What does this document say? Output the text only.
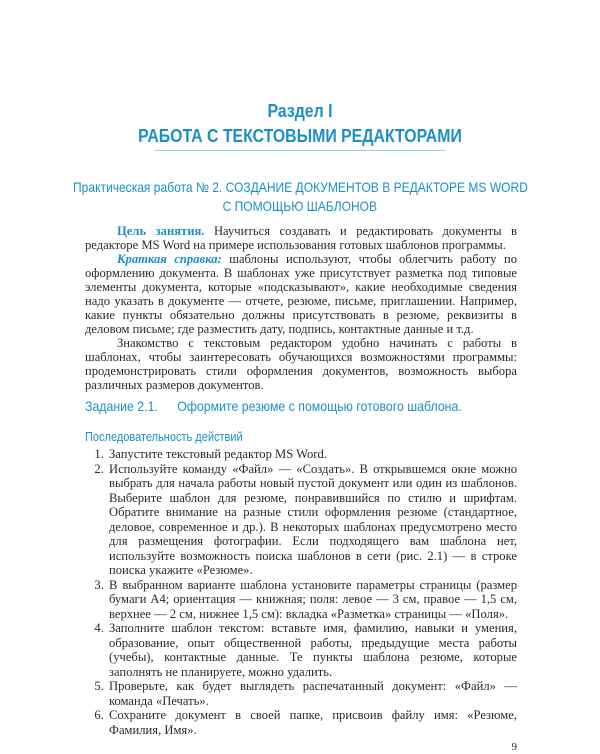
Раздел I
РАБОТА С ТЕКСТОВЫМИ РЕДАКТОРАМИ
Практическая работа № 2. СОЗДАНИЕ ДОКУМЕНТОВ В РЕДАКТОРЕ MS WORD
С ПОМОЩЬЮ ШАБЛОНОВ

Цель занятия. Научиться создавать и редактировать документы в редакторе MS Word на примере использования готовых шаблонов программы.

Краткая справка: шаблоны используют, чтобы облегчить работу по оформлению документа. В шаблонах уже присутствует разметка под типовые элементы документа, которые «подсказывают», какие необходимые сведения надо указать в документе — отчете, резюме, письме, приглашении. Например, какие пункты обязательно должны присутствовать в резюме, реквизиты в деловом письме; где разместить дату, подпись, контактные данные и т.д.

Знакомство с текстовым редактором удобно начинать с работы в шаблонах, чтобы заинтересовать обучающихся возможностями программы: продемонстрировать стили оформления документов, возможность выбора различных размеров документов.

Задание 2.1. Оформите резюме с помощью готового шаблона.
Последовательность действий
1. Запустите текстовый редактор MS Word.
2. Используйте команду «Файл» — «Создать». В открывшемся окне можно выбрать для начала работы новый пустой документ или один из шаблонов. Выберите шаблон для резюме, понравившийся по стилю и шрифтам. Обратите внимание на разные стили оформления резюме (стандартное, деловое, современное и др.). В некоторых шаблонах предусмотрено место для размещения фотографии. Если подходящего вам шаблона нет, используйте возможность поиска шаблонов в сети (рис. 2.1) — в строке поиска укажите «Резюме».
3. В выбранном варианте шаблона установите параметры страницы (размер бумаги А4; ориентация — книжная; поля: левое — 3 см, правое — 1,5 см, верхнее — 2 см, нижнее 1,5 см): вкладка «Разметка» страницы — «Поля».
4. Заполните шаблон текстом: вставьте имя, фамилию, навыки и умения, образование, опыт общественной работы, предыдущие места работы (учебы), контактные данные. Те пункты шаблона резюме, которые заполнять не планируете, можно удалить.
5. Проверьте, как будет выглядеть распечатанный документ: «Файл» — команда «Печать».
6. Сохраните документ в своей папке, присвоив файлу имя: «Резюме, Фамилия, Имя».
9
